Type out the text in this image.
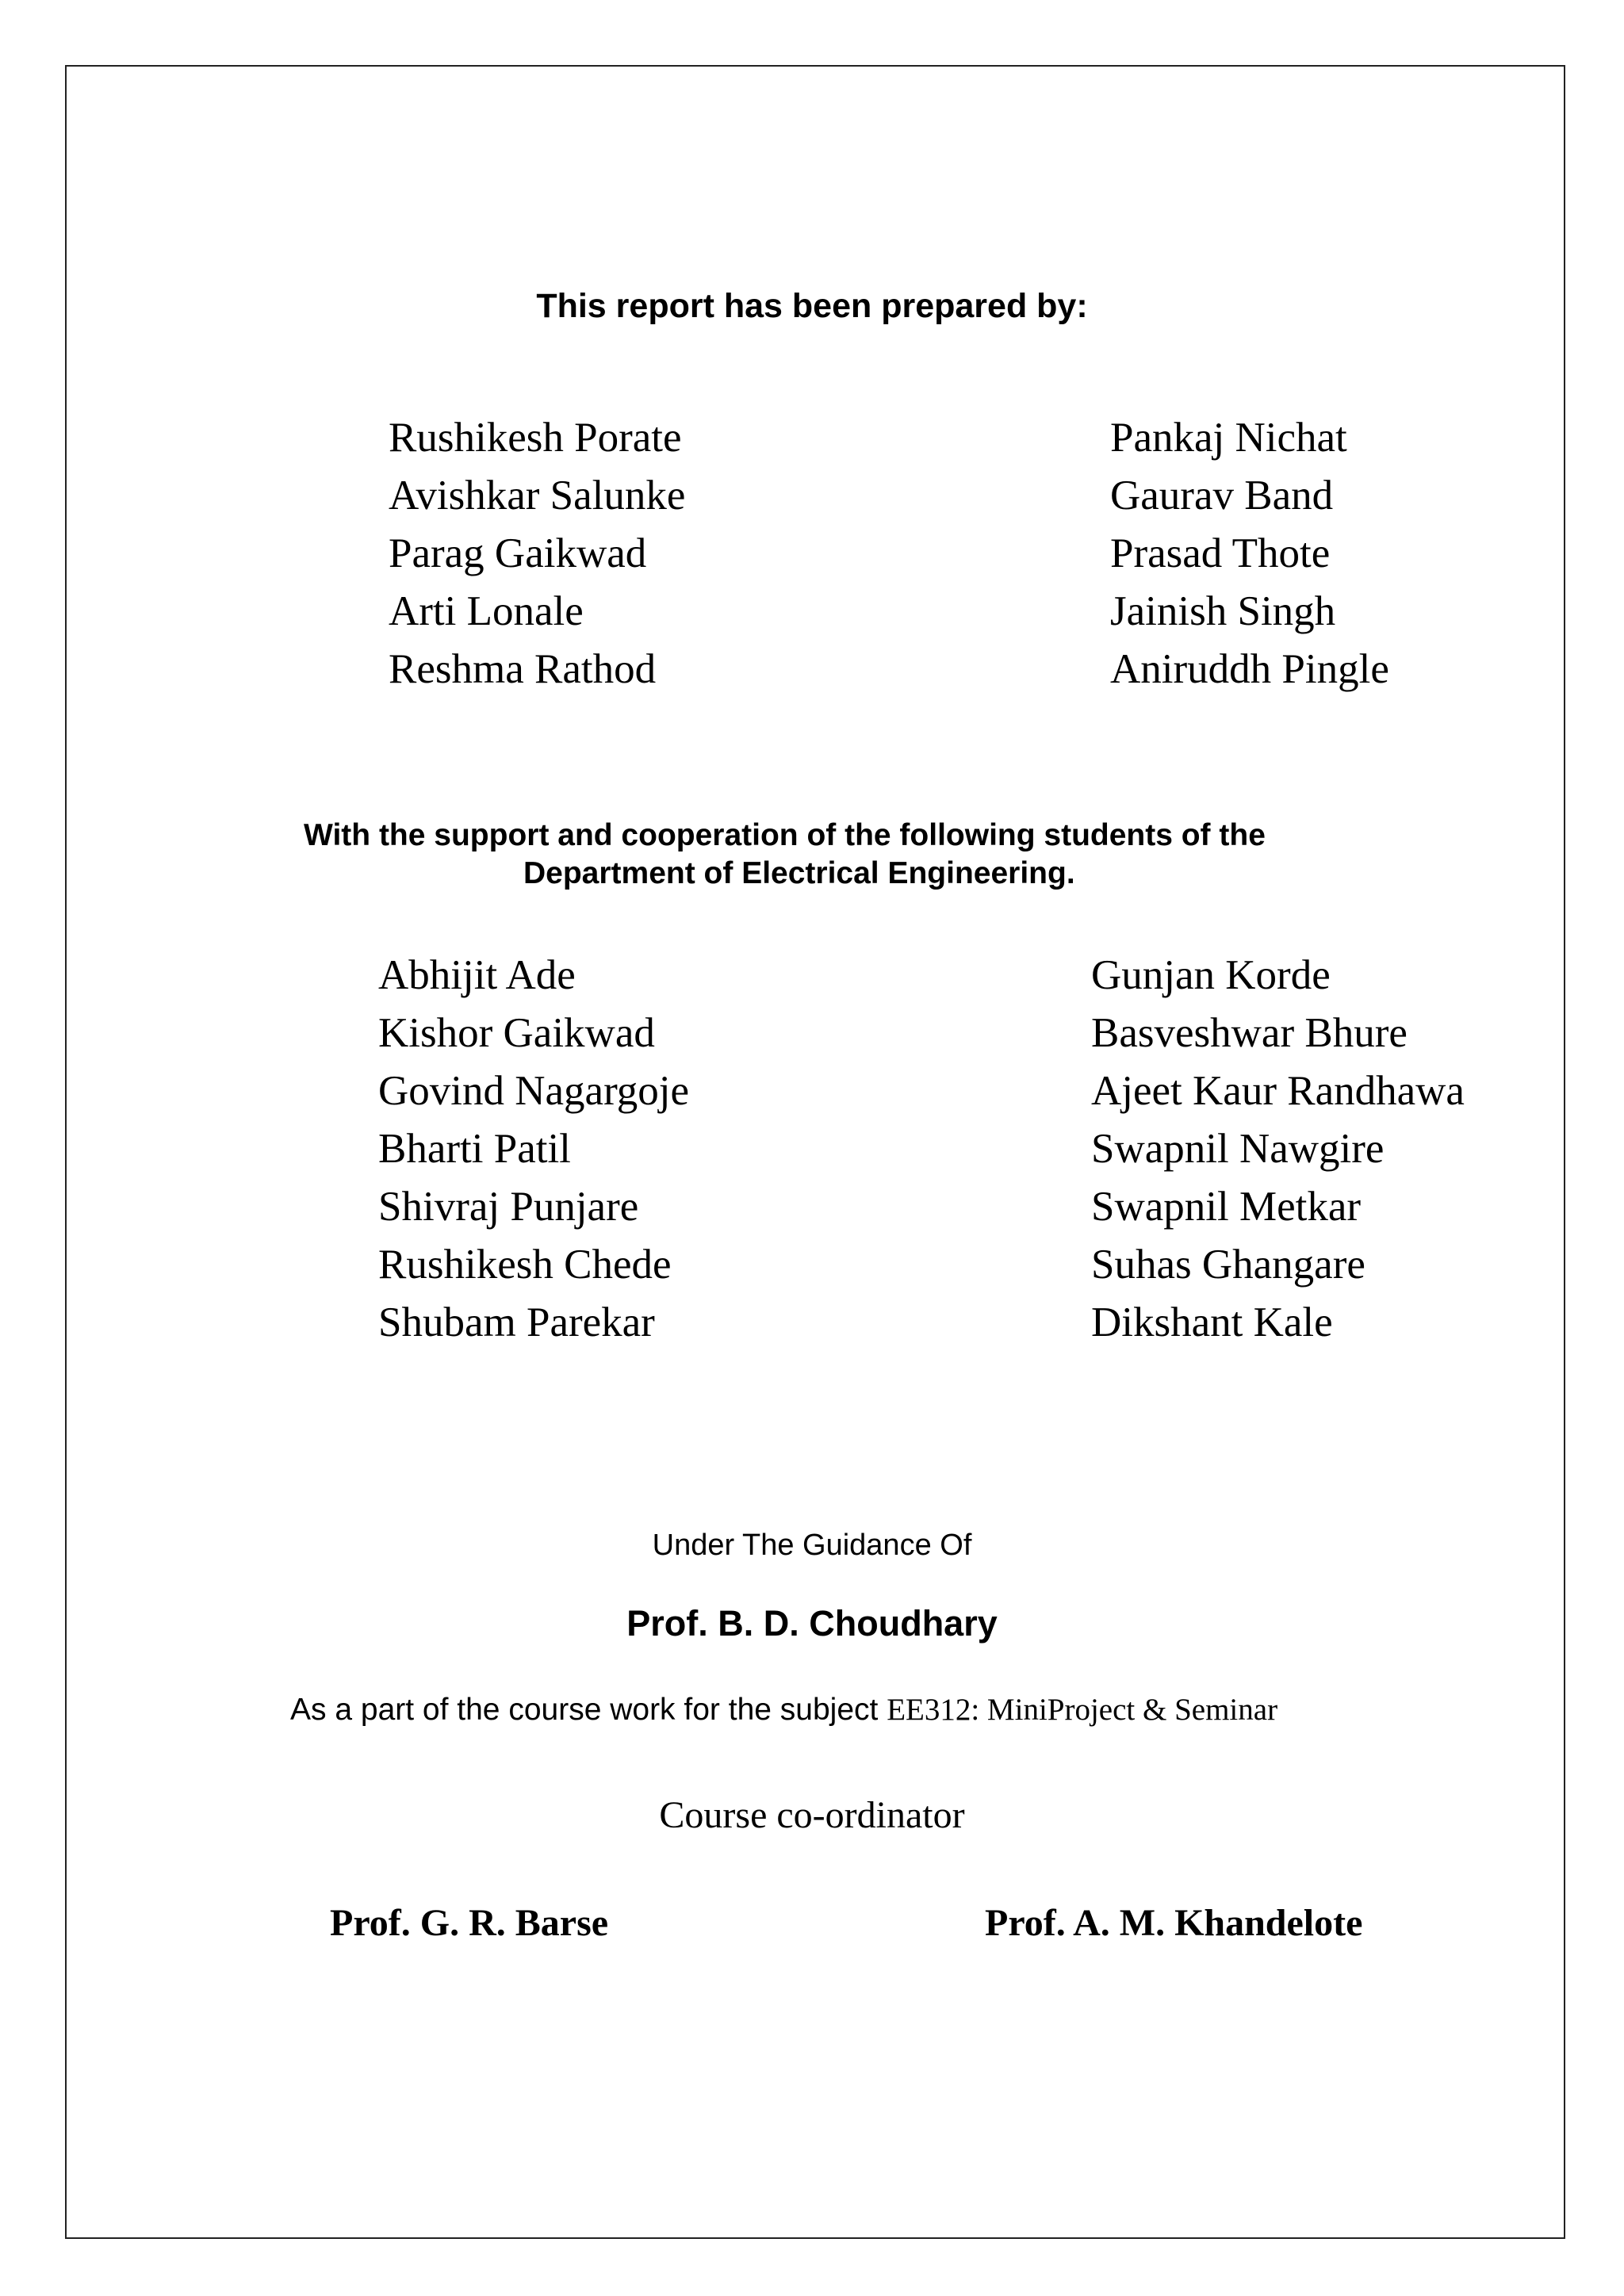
This report has been prepared by:
Rushikesh Porate
Avishkar Salunke
Parag Gaikwad
Arti Lonale
Reshma Rathod
Pankaj Nichat
Gaurav Band
Prasad Thote
Jainish Singh
Aniruddh Pingle
With the support and cooperation of the following students of the
Department of Electrical Engineering.
Abhijit Ade
Kishor Gaikwad
Govind Nagargoje
Bharti Patil
Shivraj Punjare
Rushikesh Chede
Shubam Parekar
Gunjan Korde
Basveshwar Bhure
Ajeet Kaur Randhawa
Swapnil Nawgire
Swapnil Metkar
Suhas Ghangare
Dikshant Kale
Under The Guidance Of
Prof. B. D. Choudhary
As a part of the course work for the subject EE312: MiniProject & Seminar
Course co-ordinator
Prof. G. R. Barse	Prof. A. M. Khandelote
